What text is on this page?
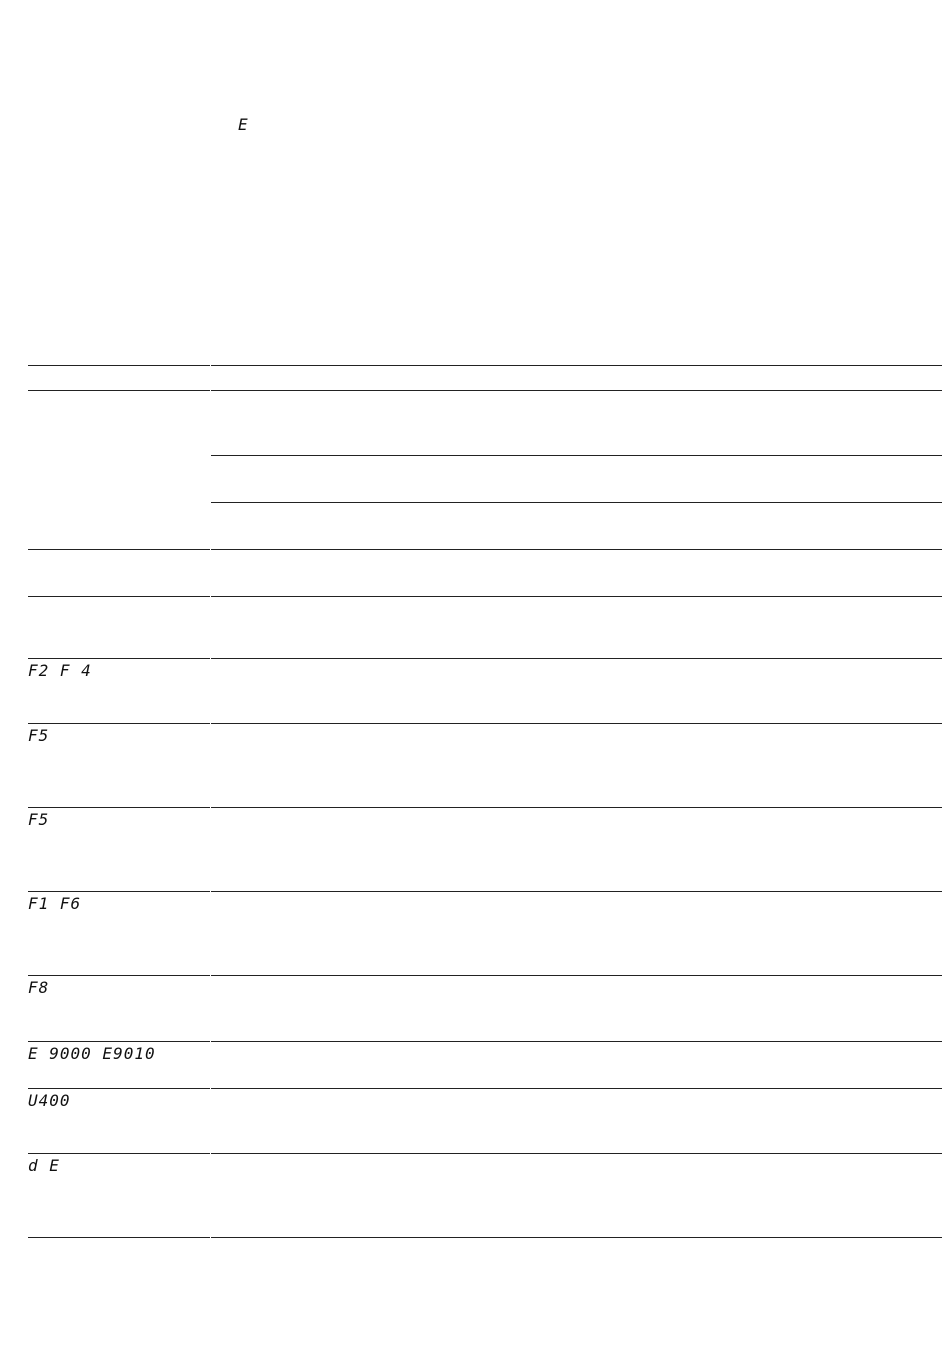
E
F2 F 4
F5
F5
F1 F6
F8
E 9000 E9010
U400
d E
